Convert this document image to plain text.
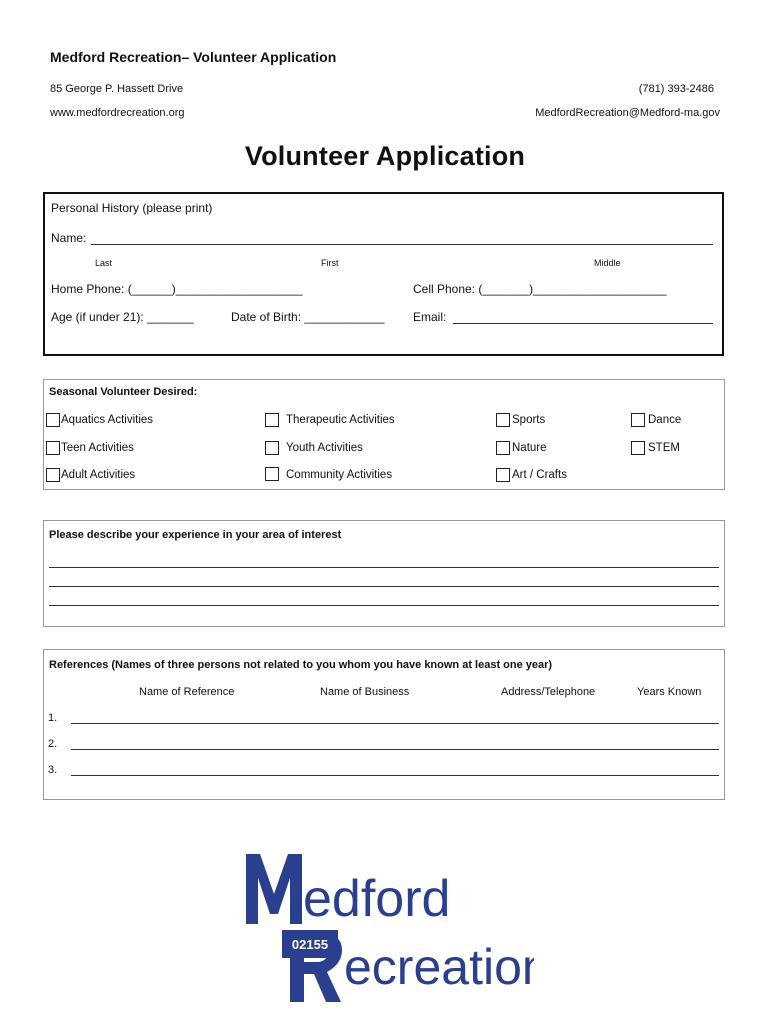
Medford Recreation– Volunteer Application
85 George P. Hassett Drive	(781) 393-2486
www.medfordrecreation.org	MedfordRecreation@Medford-ma.gov
Volunteer Application
Personal History (please print)
Name:
Last	First	Middle
Home Phone: (______)___________________	Cell Phone: (_______)____________________
Age (if under 21): _______	Date of Birth: ____________ Email:
Seasonal Volunteer Desired:
Aquatics Activities	Therapeutic Activities	Sports	Dance
Teen Activities	Youth Activities	Nature	STEM
Adult Activities	Community Activities	Art / Crafts
Please describe your experience in your area of interest
References (Names of three persons not related to you whom you have known at least one year)
Name of Reference	Name of Business	Address/Telephone	Years Known
1.
2.
3.
02155
edford
ecreation
